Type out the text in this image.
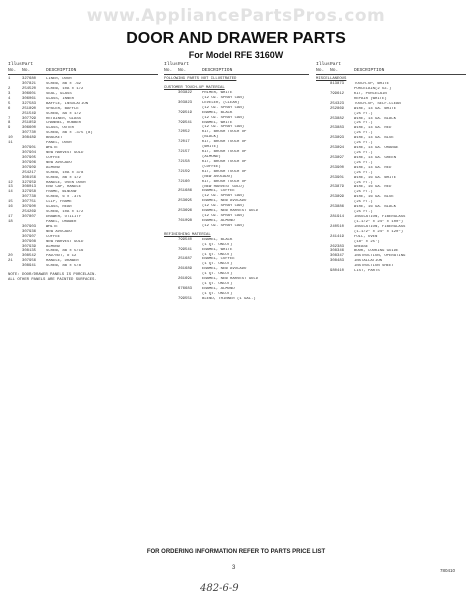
www.AppliancePartsPros.com
DOOR AND DRAWER PARTS
For Model RFE 3160W
Illus.
Part
No.	No.	DESCRIPTION
1	327680	LINER, DOOR
307821	SCREW, 8B x .62
2	254520	SCREW, 10A x 1/2
3	306601	SEAL, GLASS
4	306061	GLASS, INNER
5	327583	BAFFLE, INSULATION
6	251890	SPACER, BAFFLE
251549	SCREW, 8A x 1/2
7	307799	RETAINER, GLASS
8	251859	CHANNEL, RUBBER
9	306600	GLASS, OUTER
307730	SCREW, 8B x .375 (8)
10	308489	BRACKET
11	PANEL, DOOR
307901	WHITE
307904	NEW HARVEST GOLD
307905	COFFEE
307906	NEW AVOCADO
307909	ALMOND
254217	SCREW, 10A x 3/8
308156	SCREW, 8B x 1/2
12	327959	HANDLE, OVEN DOOR
13	308013	END CAP, HANDLE
14	327958	FRAME, WINDOW
307738	SCREW, 6 x .375
15	307751	CLIP, FRAME
16	307900	GLASS, REAR
254269	SCREW, 10A x 1/2
17	307807	DRAWER, UTILITY
18	PANEL, DRAWER
307903	WHITE
307936	NEW AVOCADO
307907	COFFEE
307908	NEW HARVEST GOLD
307939	ALMOND
308135	SCREW, 8B x 5/16
20	308542	PAD/NUT, # 12
21	307956	HANDLE, DRAWER
308941	SCREW, 8B x 5/8
NOTE: DOOR/DRAWER PANELS IS PORCELAIN.
ALL OTHER PANELS ARE PAINTED SURFACES.
Illus.
Part
No.	No.	DESCRIPTION
FOLLOWING PARTS NOT ILLUSTRATED
CUSTOMER TOUCH-UP MATERIAL
303822	PRIMER, WHITE
(12 OZ. SPRAY CAN)
303823	LEVELER, (CLEAR)
(12 OZ. SPRAY CAN)
799519	ENAMEL, BLACK
(12 OZ. SPRAY CAN)
799541	ENAMEL, WHITE
(12 OZ. SPRAY CAN)
72052	KIT, BRUSH TOUCH UP
(BLACK)
72017	KIT, BRUSH TOUCH UP
(WHITE)
72157	KIT, BRUSH TOUCH UP
(ALMOND)
72158	KIT, BRUSH TOUCH UP
(COFFEE)
72159	KIT, BRUSH TOUCH UP
(NEW AVOCADO)
72160	KIT, BRUSH TOUCH UP
(NEW HARVEST GOLD)
251686	ENAMEL, COFFEE
(12 OZ. SPRAY CAN)
253695	ENAMEL, NEW AVOCADO
(12 OZ. SPRAY CAN)
253696	ENAMEL, NEW HARVEST GOLD
(12 OZ. SPRAY CAN)
761098	ENAMEL, ALMOND
(12 OZ. SPRAY CAN)
REFINISHING MATERIAL
799540	ENAMEL, BLACK
(1 QT. UNCUT)
799541	ENAMEL, WHITE
(1 QT. UNCUT)
251687	ENAMEL, COFFEE
(1 QT. UNCUT)
261689	ENAMEL, NEW AVOCADO
(1 QT. UNCUT)
261691	ENAMEL, NEW HARVEST GOLD
(1 QT. UNCUT)
676683	ENAMEL, ALMOND
(1 QT. UNCUT)
799551	BLEND, THINNER (1 GAL.)
Illus.
Part
No.	No.	DESCRIPTION
MISCELLANEOUS
813873	TOUCH-UP, WHITE
PORCELAIN(2 OZ.)
799612	KIT, PORCELAIN
REPAIR (WHITE)
254323	TOUCH-UP, SELF-CLEAN
252869	WIRE, 14 GA. WHITE
(25 FT.)
253882	WIRE, 14 GA. BLACK
(25 FT.)
253883	WIRE, 14 GA. RED
(25 FT.)
253893	WIRE, 14 GA. BLUE
(25 FT.)
253894	WIRE, 14 GA. ORANGE
(25 FT.)
253897	WIRE, 14 GA. GREEN
(25 FT.)
253900	WIRE, 14 GA. RED
(25 FT.)
253901	WIRE, 16 GA. WHITE
(25 FT.)
253879	WIRE, 16 GA. RED
(25 FT.)
253899	WIRE, 16 GA. BLUE
(25 FT.)
253886	WIRE, 16 GA. BLACK
(25 FT.)
281914	INSULATION, FIBERGLASS
(1-1/2" x 24" x 100")
240510	INSULATION, FIBERGLASS
(1-1/2" x 24" x 120")
241419	FOIL, OVEN
(18" x 25')
262383	GREASE
308346	BOOK, COOKING GUIDE
308347	INSTRUCTION, OPERATING
308483	INSTALLATION
INSTRUCTION SHEET
980410	LIST, PARTS
FOR ORDERING INFORMATION REFER TO PARTS PRICE LIST
3	780410
482-6-9
